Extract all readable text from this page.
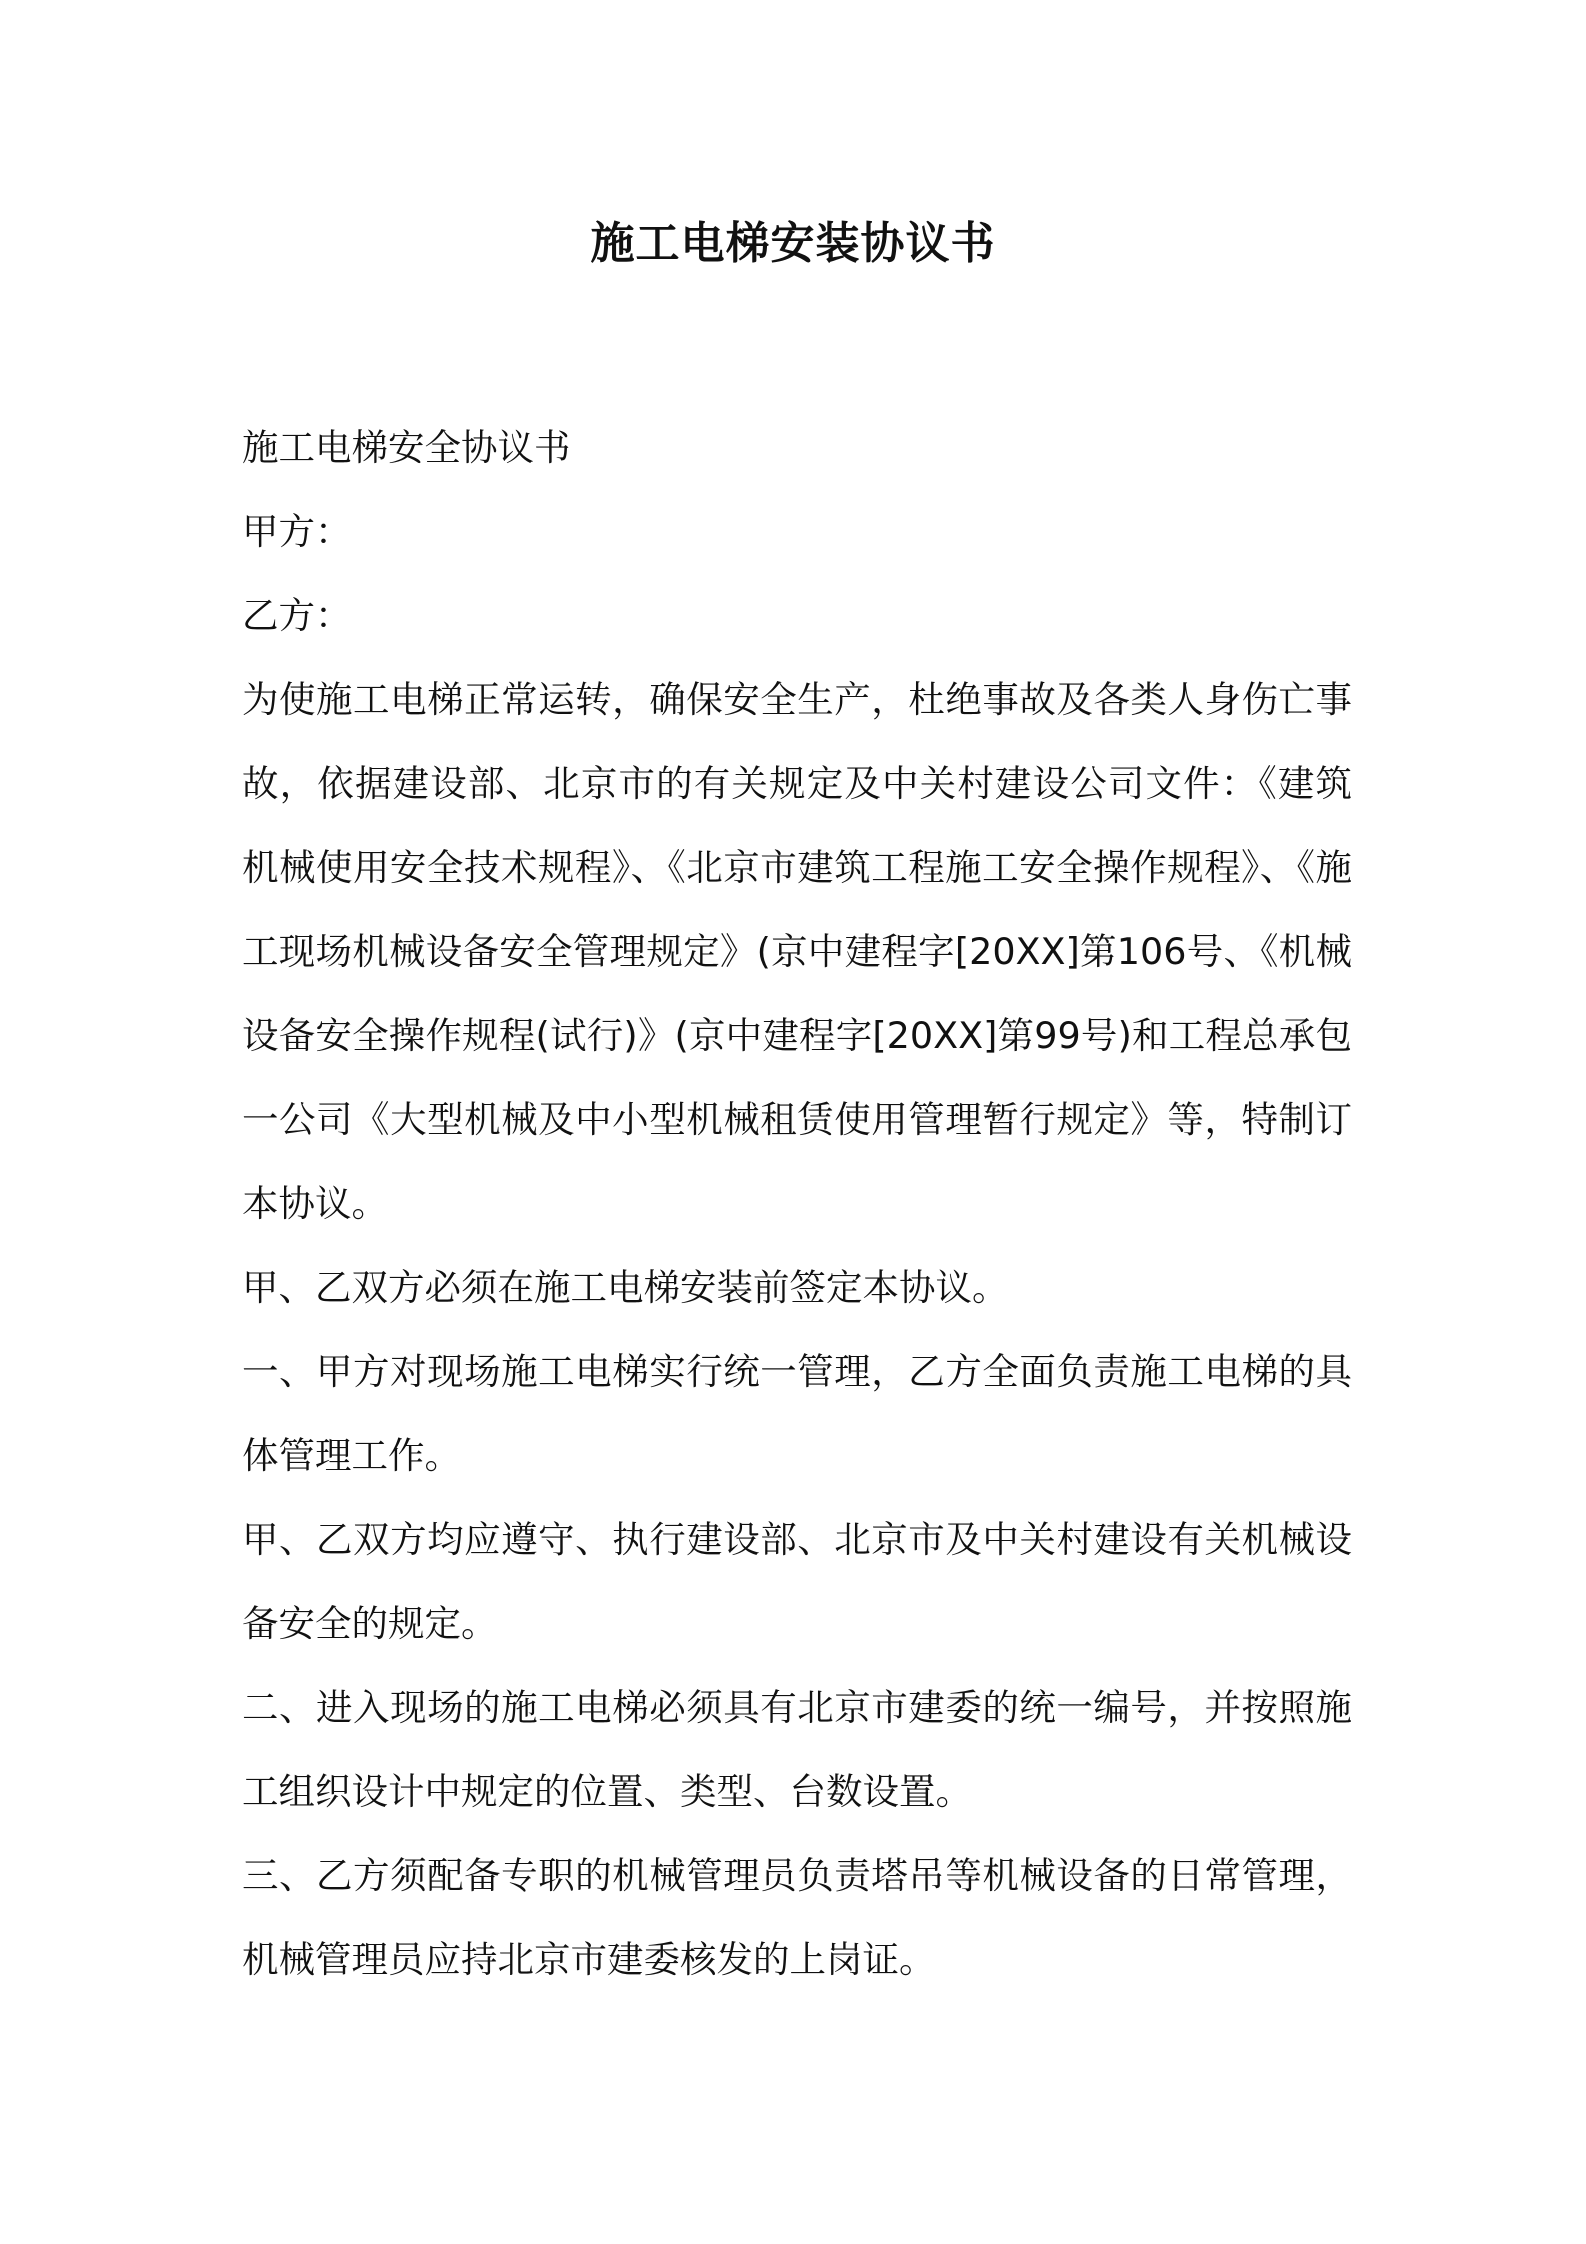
施工电梯安装协议书

施工电梯安全协议书

甲方：

乙方：

为使施工电梯正常运转，确保安全生产，杜绝事故及各类人身伤亡事故，依据建设部、北京市的有关规定及中关村建设公司文件：《建筑机械使用安全技术规程》、《北京市建筑工程施工安全操作规程》、《施工现场机械设备安全管理规定》(京中建程字[20XX]第106号、《机械设备安全操作规程(试行)》(京中建程字[20XX]第99号)和工程总承包一公司《大型机械及中小型机械租赁使用管理暂行规定》等，特制订本协议。

甲、乙双方必须在施工电梯安装前签定本协议。

一、甲方对现场施工电梯实行统一管理，乙方全面负责施工电梯的具体管理工作。

甲、乙双方均应遵守、执行建设部、北京市及中关村建设有关机械设备安全的规定。

二、进入现场的施工电梯必须具有北京市建委的统一编号，并按照施工组织设计中规定的位置、类型、台数设置。

三、乙方须配备专职的机械管理员负责塔吊等机械设备的日常管理，机械管理员应持北京市建委核发的上岗证。
